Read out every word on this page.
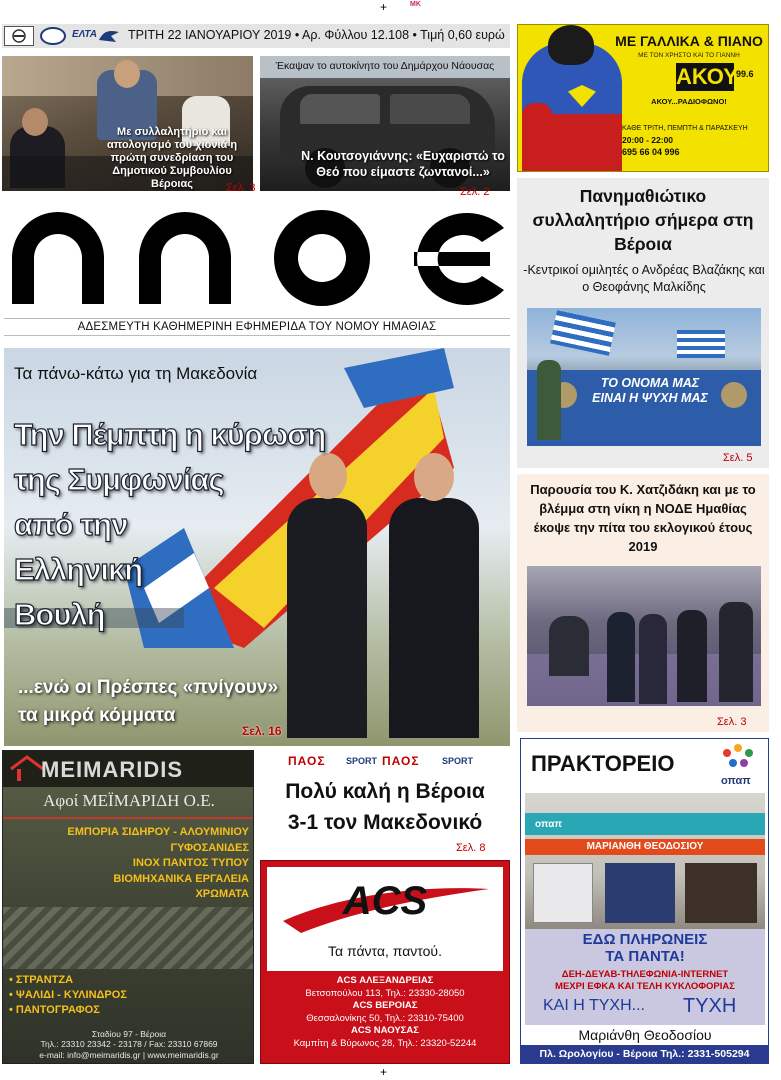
+	MK
+
ΕΛΤΑ ΤΡΙΤΗ 22 ΙΑΝΟΥΑΡΙΟΥ 2019 • Αρ. Φύλλου 12.108 • Τιμή 0,60 ευρώ
Με συλλαλητήριο και απολογισμό του χιονιά η πρώτη συνεδρίαση του Δημοτικού Συμβουλίου Βέροιας	Σελ. 3
Έκαψαν το αυτοκίνητο του Δημάρχου Νάουσας
Ν. Κουτσογιάννης: «Ευχαριστώ το Θεό που είμαστε ζωντανοί...»
Σελ. 2
ΑΔΕΣΜΕΥΤΗ ΚΑΘΗΜΕΡΙΝΗ ΕΦΗΜΕΡΙΔΑ ΤΟΥ ΝΟΜΟΥ ΗΜΑΘΙΑΣ
Τα πάνω-κάτω για τη Μακεδονία
Την Πέμπτη η κύρωση
της Συμφωνίας
από την
Ελληνική
Βουλή
...ενώ οι Πρέσπες «πνίγουν»
τα μικρά κόμματα
Σελ. 16
ΜΕ ΓΑΛΛΙΚΑ & ΠΙΑΝΟ
ΜΕ ΤΟΝ ΧΡΗΣΤΟ ΚΑΙ ΤΟ ΓΙΑΝΝΗ
ΑΚΟΥ
99.6
ΑΚΟΥ...ΡΑΔΙΟΦΩΝΟ!
ΚΑΘΕ ΤΡΙΤΗ, ΠΕΜΠΤΗ & ΠΑΡΑΣΚΕΥΗ
20:00 - 22:00
695 66 04 996
Πανημαθιώτικο συλλαλητήριο σήμερα στη Βέροια
-Κεντρικοί ομιλητές ο Ανδρέας Βλαζάκης και ο Θεοφάνης Μαλκίδης
ΤΟ ΟΝΟΜΑ ΜΑΣ ΕΙΝΑΙ Η ΨΥΧΗ ΜΑΣ
Σελ. 5
Παρουσία του Κ. Χατζιδάκη και με το βλέμμα στη νίκη η ΝΟΔΕ Ημαθίας έκοψε την πίτα του εκλογικού έτους 2019
Σελ. 3
MEIMARIDIS
Αφοί ΜΕΪΜΑΡΙΔΗ Ο.Ε.
ΕΜΠΟΡΙΑ ΣΙΔΗΡΟΥ - ΑΛΟΥΜΙΝΙΟΥ
ΓΥΦΟΣΑΝΙΔΕΣ
ΙΝΟΧ ΠΑΝΤΟΣ ΤΥΠΟΥ
ΒΙΟΜΗΧΑΝΙΚΑ ΕΡΓΑΛΕΙΑ
ΧΡΩΜΑΤΑ
• ΣΤΡΑΝΤΖΑ
• ΨΑΛΙΔΙ - ΚΥΛΙΝΔΡΟΣ
• ΠΑΝΤΟΓΡΑΦΟΣ
Σταδίου 97 - Βέροια
Τηλ.: 23310 23342 - 23178 / Fax: 23310 67869
e-mail: info@meimaridis.gr | www.meimaridis.gr
ΠΑΟΣ SPORT ΠΑΟΣ SPORT
Πολύ καλή η Βέροια
3-1 τον Μακεδονικό
Σελ. 8
ACS
Τα πάντα, παντού.
ACS ΑΛΕΞΑΝΔΡΕΙΑΣ
Βετσοπούλου 113, Τηλ.: 23330-28050
ACS ΒΕΡΟΙΑΣ
Θεσσαλονίκης 50, Τηλ.: 23310-75400
ACS ΝΑΟΥΣΑΣ
Καμπίτη & Βύρωνος 28, Τηλ.: 23320-52244
ΠΡΑΚΤΟΡΕΙΟ
οπαπ
οπαπ
ΜΑΡΙΑΝΘΗ ΘΕΟΔΟΣΙΟΥ
ΕΔΩ ΠΛΗΡΩΝΕΙΣ
ΤΑ ΠΑΝΤΑ!
ΔΕΗ-ΔΕΥΑΒ-ΤΗΛΕΦΩΝΙΑ-INTERNET
ΜΕΧΡΙ ΕΦΚΑ ΚΑΙ ΤΕΛΗ ΚΥΚΛΟΦΟΡΙΑΣ
ΚΑΙ Η ΤΥΧΗ... ΤΥΧΗ
Μαριάνθη Θεοδοσίου
Πλ. Ωρολογίου - Βέροια Τηλ.: 2331-505294
